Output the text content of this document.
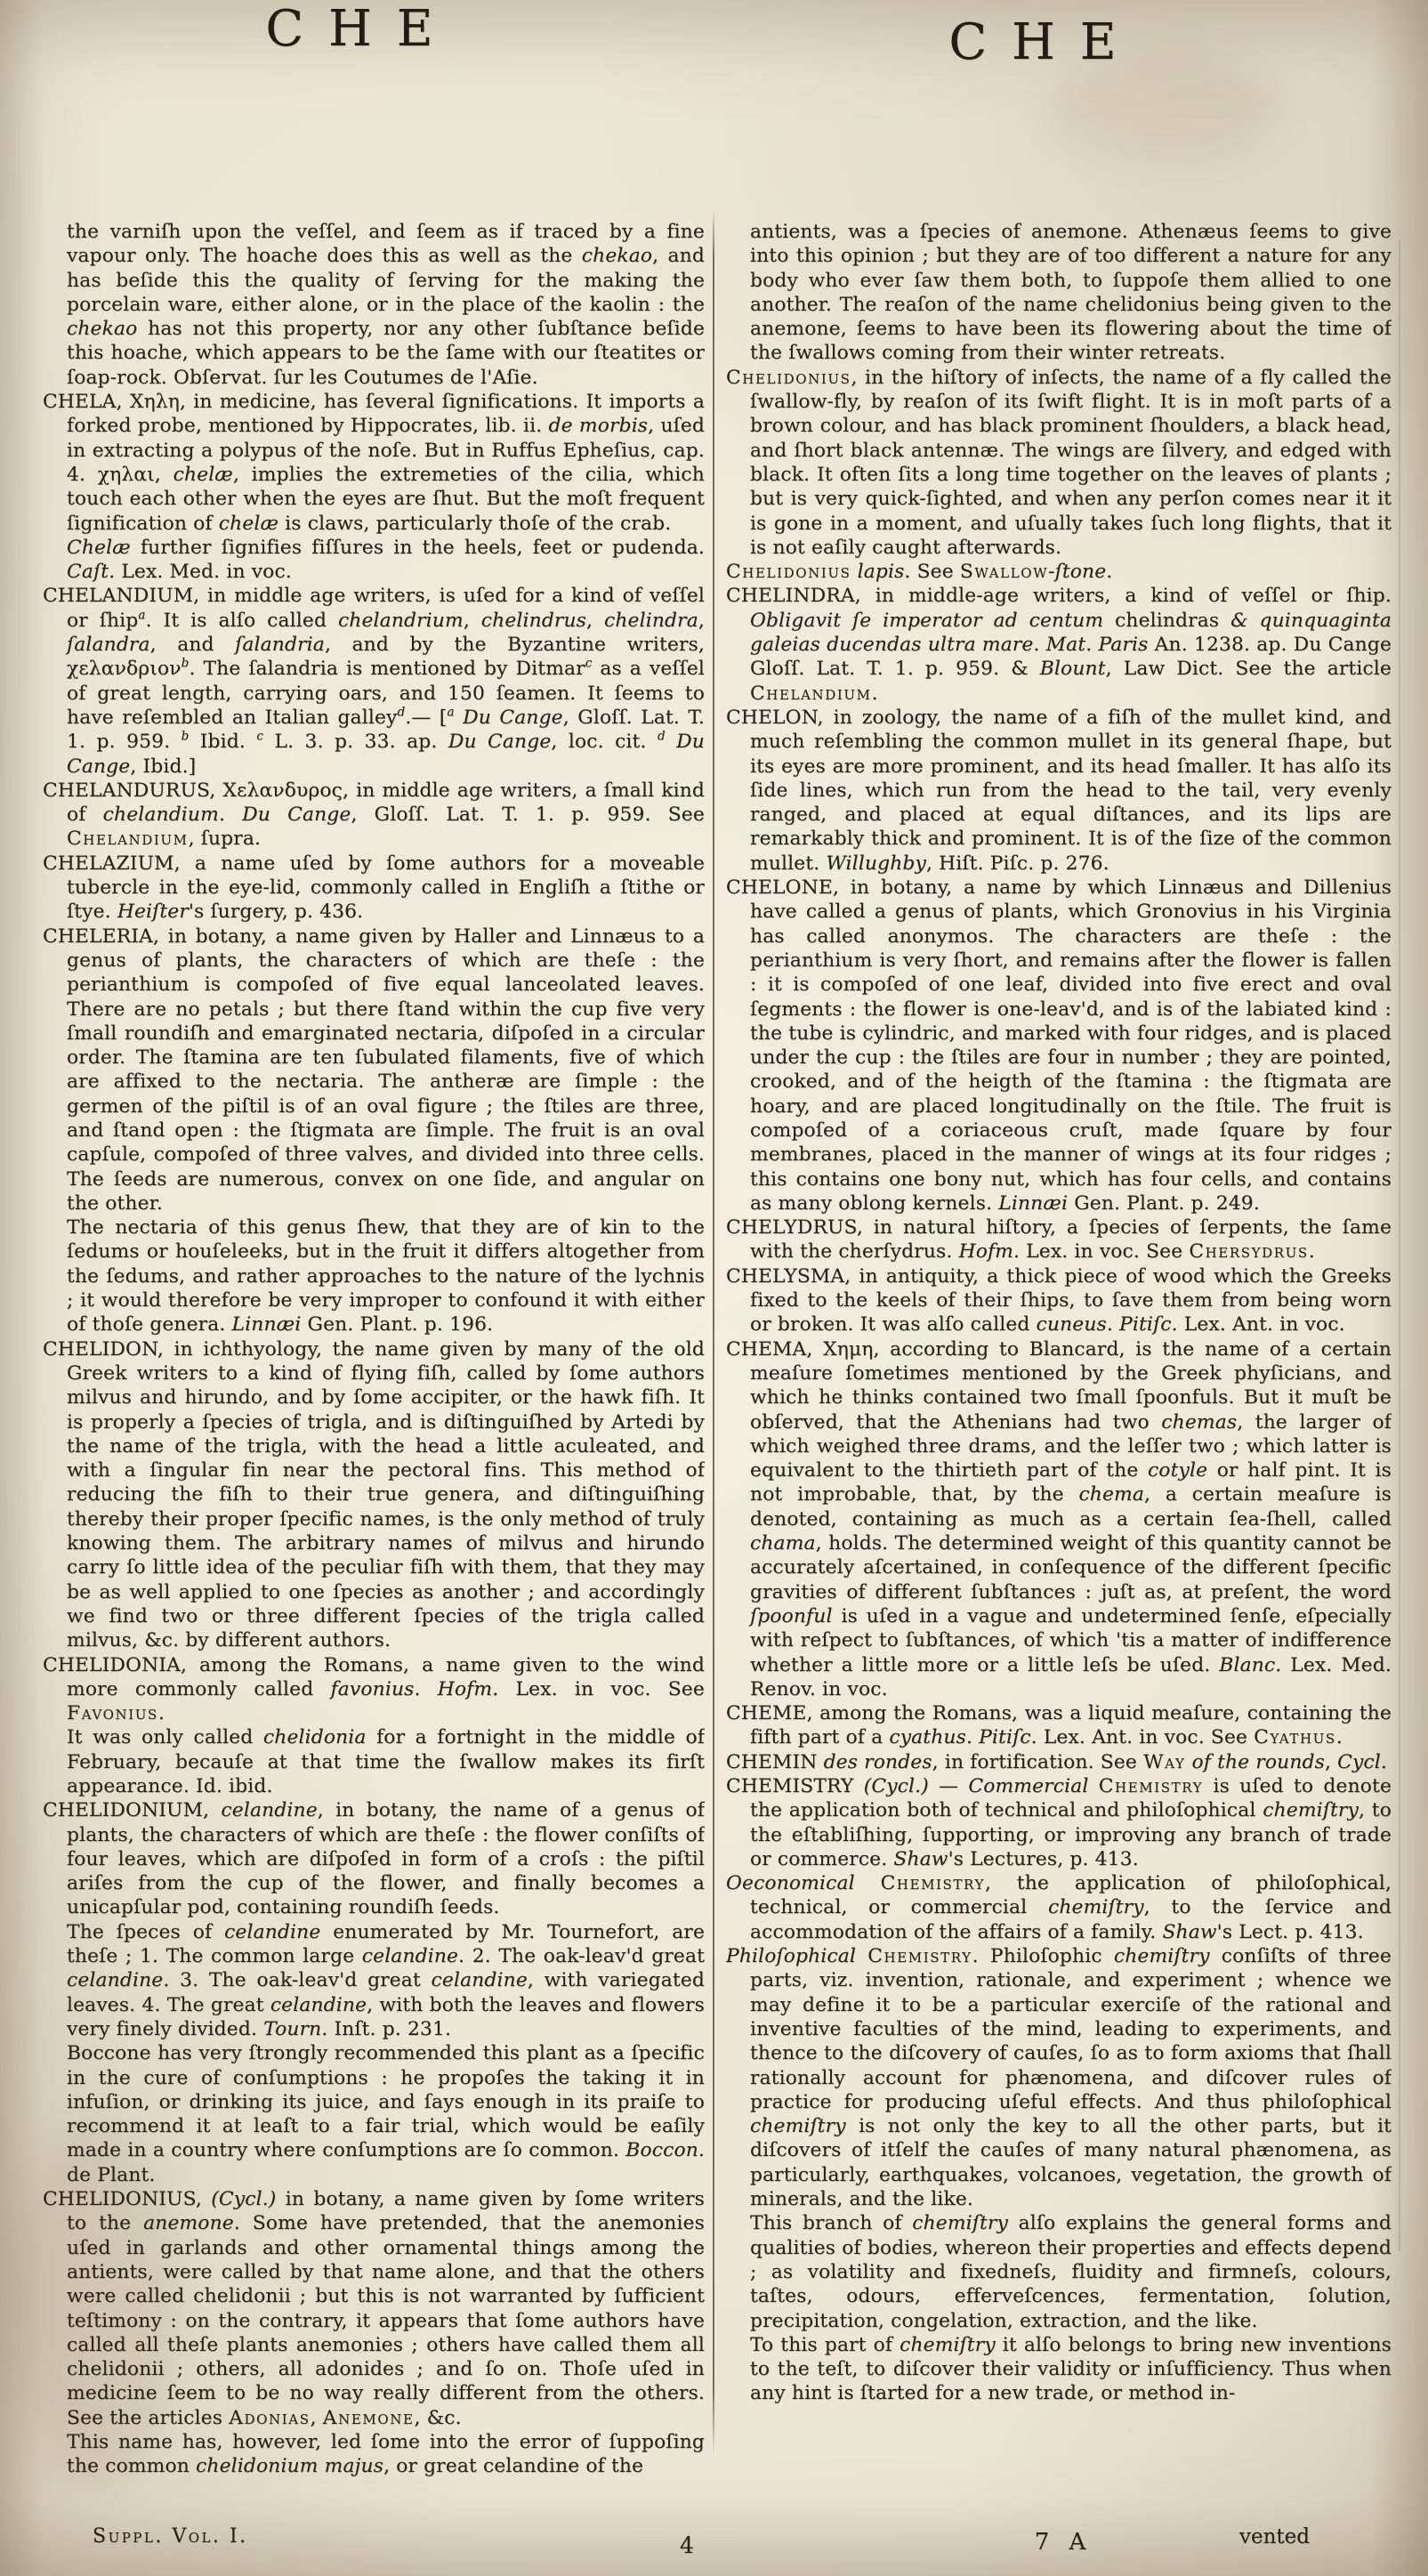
C H E	C H E

the varniſh upon the veſſel, and ſeem as if traced by a fine vapour only. The hoache does this as well as the chekao, and has beſide this the quality of ſerving for the making the porcelain ware, either alone, or in the place of the kaolin : the chekao has not this property, nor any other ſubſtance beſide this hoache, which appears to be the ſame with our ſteatites or ſoap-rock. Obſervat. ſur les Coutumes de l'Aſie.

CHELA, Χηλη, in medicine, has ſeveral ſignifications. It imports a forked probe, mentioned by Hippocrates, lib. ii. de morbis, uſed in extracting a polypus of the noſe. But in Ruffus Epheſius, cap. 4. χηλαι, chelæ, implies the extremeties of the cilia, which touch each other when the eyes are ſhut. But the moſt frequent ſignification of chelæ is claws, particularly thoſe of the crab.

Chelæ further ſignifies fiſſures in the heels, feet or pudenda. Caſt. Lex. Med. in voc.

CHELANDIUM, in middle age writers, is uſed for a kind of veſſel or ſhip$^a$. It is alſo called chelandrium, chelindrus, chelindra, ſalandra, and ſalandria, and by the Byzantine writers, χελανδριον$^b$. The ſalandria is mentioned by Ditmar$^c$ as a veſſel of great length, carrying oars, and 150 ſeamen. It ſeems to have reſembled an Italian galley$^d$.— [$^a$ Du Cange, Gloſſ. Lat. T. 1. p. 959. $^b$ Ibid. $^c$ L. 3. p. 33. ap. Du Cange, loc. cit. $^d$ Du Cange, Ibid.]

CHELANDURUS, Χελανδυρος, in middle age writers, a ſmall kind of chelandium. Du Cange, Gloſſ. Lat. T. 1. p. 959. See Chelandium, ſupra.

CHELAZIUM, a name uſed by ſome authors for a moveable tubercle in the eye-lid, commonly called in Engliſh a ſtithe or ſtye. Heiſter's ſurgery, p. 436.

CHELERIA, in botany, a name given by Haller and Linnæus to a genus of plants, the characters of which are theſe : the perianthium is compoſed of five equal lanceolated leaves. There are no petals ; but there ſtand within the cup five very ſmall roundiſh and emarginated nectaria, diſpoſed in a circular order. The ſtamina are ten ſubulated filaments, five of which are affixed to the nectaria. The antheræ are ſimple : the germen of the piſtil is of an oval figure ; the ſtiles are three, and ſtand open : the ſtigmata are ſimple. The fruit is an oval capſule, compoſed of three valves, and divided into three cells. The ſeeds are numerous, convex on one ſide, and angular on the other.

The nectaria of this genus ſhew, that they are of kin to the ſedums or houſeleeks, but in the fruit it differs altogether from the ſedums, and rather approaches to the nature of the lychnis ; it would therefore be very improper to confound it with either of thoſe genera. Linnæi Gen. Plant. p. 196.

CHELIDON, in ichthyology, the name given by many of the old Greek writers to a kind of flying fiſh, called by ſome authors milvus and hirundo, and by ſome accipiter, or the hawk fiſh. It is properly a ſpecies of trigla, and is diſtinguiſhed by Artedi by the name of the trigla, with the head a little aculeated, and with a ſingular fin near the pectoral fins. This method of reducing the fiſh to their true genera, and diſtinguiſhing thereby their proper ſpecific names, is the only method of truly knowing them. The arbitrary names of milvus and hirundo carry ſo little idea of the peculiar fiſh with them, that they may be as well applied to one ſpecies as another ; and accordingly we find two or three different ſpecies of the trigla called milvus, &c. by different authors.

CHELIDONIA, among the Romans, a name given to the wind more commonly called favonius. Hofm. Lex. in voc. See Favonius.

It was only called chelidonia for a fortnight in the middle of February, becauſe at that time the ſwallow makes its firſt appearance. Id. ibid.

CHELIDONIUM, celandine, in botany, the name of a genus of plants, the characters of which are theſe : the flower conſiſts of four leaves, which are diſpoſed in form of a croſs : the piſtil ariſes from the cup of the flower, and finally becomes a unicapſular pod, containing roundiſh ſeeds.

The ſpeces of celandine enumerated by Mr. Tournefort, are theſe ; 1. The common large celandine. 2. The oak-leav'd great celandine. 3. The oak-leav'd great celandine, with variegated leaves. 4. The great celandine, with both the leaves and flowers very finely divided. Tourn. Inſt. p. 231.

Boccone has very ſtrongly recommended this plant as a ſpecific in the cure of conſumptions : he propoſes the taking it in infuſion, or drinking its juice, and ſays enough in its praiſe to recommend it at leaſt to a fair trial, which would be eaſily made in a country where conſumptions are ſo common. Boccon. de Plant.

CHELIDONIUS, (Cycl.) in botany, a name given by ſome writers to the anemone. Some have pretended, that the anemonies uſed in garlands and other ornamental things among the antients, were called by that name alone, and that the others were called chelidonii ; but this is not warranted by ſufficient teſtimony : on the contrary, it appears that ſome authors have called all theſe plants anemonies ; others have called them all chelidonii ; others, all adonides ; and ſo on. Thoſe uſed in medicine ſeem to be no way really different from the others. See the articles Adonias, Anemone, &c.

This name has, however, led ſome into the error of ſuppoſing the common chelidonium majus, or great celandine of the

antients, was a ſpecies of anemone. Athenæus ſeems to give into this opinion ; but they are of too different a nature for any body who ever ſaw them both, to ſuppoſe them allied to one another. The reaſon of the name chelidonius being given to the anemone, ſeems to have been its flowering about the time of the ſwallows coming from their winter retreats.

Chelidonius, in the hiſtory of inſects, the name of a fly called the ſwallow-fly, by reaſon of its ſwift flight. It is in moſt parts of a brown colour, and has black prominent ſhoulders, a black head, and ſhort black antennæ. The wings are ſilvery, and edged with black. It often ſits a long time together on the leaves of plants ; but is very quick-ſighted, and when any perſon comes near it it is gone in a moment, and uſually takes ſuch long flights, that it is not eaſily caught afterwards.

Chelidonius lapis. See Swallow-ſtone.

CHELINDRA, in middle-age writers, a kind of veſſel or ſhip. Obligavit ſe imperator ad centum chelindras & quinquaginta galeias ducendas ultra mare. Mat. Paris An. 1238. ap. Du Cange Gloſſ. Lat. T. 1. p. 959. & Blount, Law Dict. See the article Chelandium.

CHELON, in zoology, the name of a fiſh of the mullet kind, and much reſembling the common mullet in its general ſhape, but its eyes are more prominent, and its head ſmaller. It has alſo its ſide lines, which run from the head to the tail, very evenly ranged, and placed at equal diſtances, and its lips are remarkably thick and prominent. It is of the ſize of the common mullet. Willughby, Hiſt. Piſc. p. 276.

CHELONE, in botany, a name by which Linnæus and Dillenius have called a genus of plants, which Gronovius in his Virginia has called anonymos. The characters are theſe : the perianthium is very ſhort, and remains after the flower is fallen : it is compoſed of one leaf, divided into five erect and oval ſegments : the flower is one-leav'd, and is of the labiated kind : the tube is cylindric, and marked with four ridges, and is placed under the cup : the ſtiles are four in number ; they are pointed, crooked, and of the heigth of the ſtamina : the ſtigmata are hoary, and are placed longitudinally on the ſtile. The fruit is compoſed of a coriaceous cruſt, made ſquare by four membranes, placed in the manner of wings at its four ridges ; this contains one bony nut, which has four cells, and contains as many oblong kernels. Linnæi Gen. Plant. p. 249.

CHELYDRUS, in natural hiſtory, a ſpecies of ſerpents, the ſame with the cherſydrus. Hofm. Lex. in voc. See Chersydrus.

CHELYSMA, in antiquity, a thick piece of wood which the Greeks fixed to the keels of their ſhips, to ſave them from being worn or broken. It was alſo called cuneus. Pitiſc. Lex. Ant. in voc.

CHEMA, Χημη, according to Blancard, is the name of a certain meaſure ſometimes mentioned by the Greek phyſicians, and which he thinks contained two ſmall ſpoonfuls. But it muſt be obſerved, that the Athenians had two chemas, the larger of which weighed three drams, and the leſſer two ; which latter is equivalent to the thirtieth part of the cotyle or half pint. It is not improbable, that, by the chema, a certain meaſure is denoted, containing as much as a certain ſea-ſhell, called chama, holds. The determined weight of this quantity cannot be accurately aſcertained, in conſequence of the different ſpecific gravities of different ſubſtances : juſt as, at preſent, the word ſpoonful is uſed in a vague and undetermined ſenſe, eſpecially with reſpect to ſubſtances, of which 'tis a matter of indifference whether a little more or a little leſs be uſed. Blanc. Lex. Med. Renov. in voc.

CHEME, among the Romans, was a liquid meaſure, containing the fifth part of a cyathus. Pitiſc. Lex. Ant. in voc. See Cyathus.

CHEMIN des rondes, in fortification. See Way of the rounds, Cycl.

CHEMISTRY (Cycl.) — Commercial Chemistry is uſed to denote the application both of technical and philoſophical chemiſtry, to the eſtabliſhing, ſupporting, or improving any branch of trade or commerce. Shaw's Lectures, p. 413.

Oeconomical Chemistry, the application of philoſophical, technical, or commercial chemiſtry, to the ſervice and accommodation of the affairs of a family. Shaw's Lect. p. 413.

Philoſophical Chemistry. Philoſophic chemiſtry conſiſts of three parts, viz. invention, rationale, and experiment ; whence we may define it to be a particular exerciſe of the rational and inventive faculties of the mind, leading to experiments, and thence to the diſcovery of cauſes, ſo as to form axioms that ſhall rationally account for phænomena, and diſcover rules of practice for producing uſeful effects. And thus philoſophical chemiſtry is not only the key to all the other parts, but it diſcovers of itſelf the cauſes of many natural phænomena, as particularly, earthquakes, volcanoes, vegetation, the growth of minerals, and the like.

This branch of chemiſtry alſo explains the general forms and qualities of bodies, whereon their properties and effects depend ; as volatility and fixedneſs, fluidity and firmneſs, colours, taſtes, odours, efferveſcences, fermentation, ſolution, precipitation, congelation, extraction, and the like.

To this part of chemiſtry it alſo belongs to bring new inventions to the teſt, to diſcover their validity or inſufficiency. Thus when any hint is ſtarted for a new trade, or method in-

Suppl. Vol. I.	4	7 A	vented
